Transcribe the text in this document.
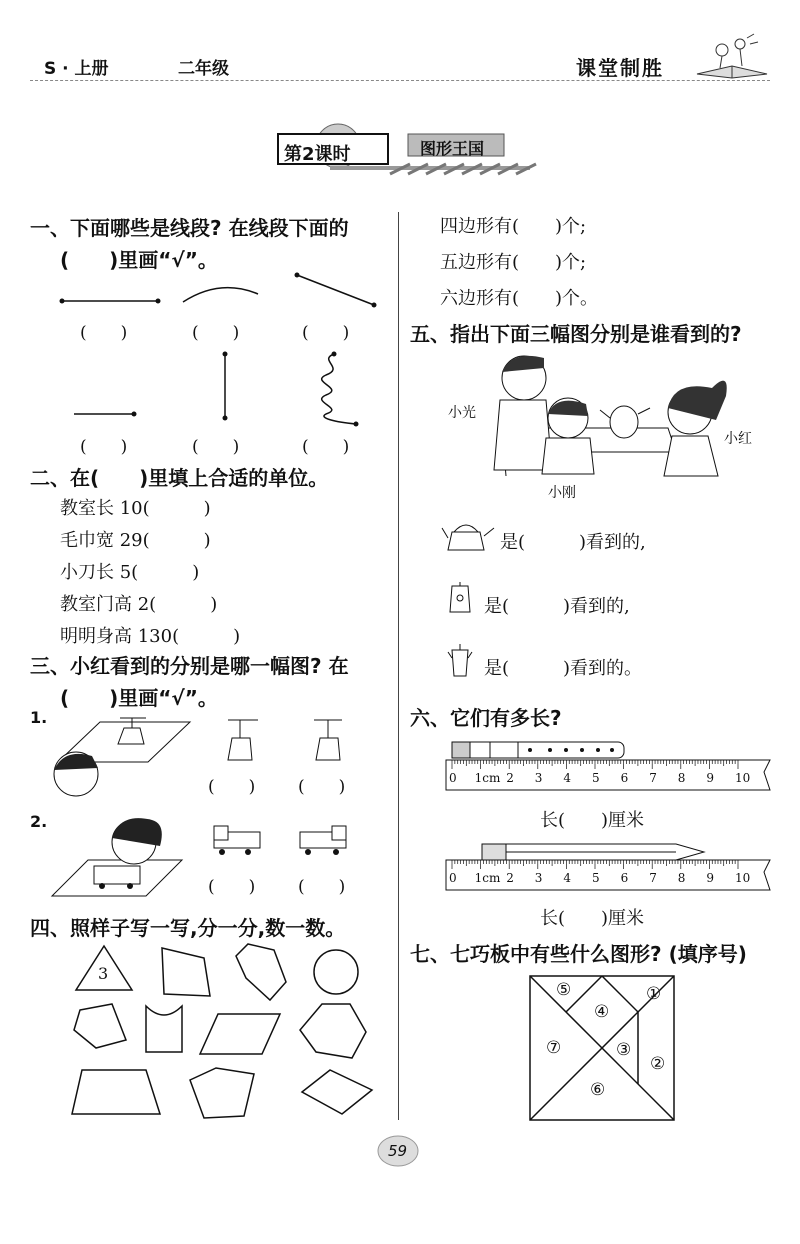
S · 上册	二年级	课堂制胜
第2课时	图形王国
一、下面哪些是线段? 在线段下面的
(　　)里画“√”。
(　　)	(　　)	(　　)
(　　)	(　　)	(　　)
二、在(　　)里填上合适的单位。
教室长 10(　　　)
毛巾宽 29(　　　)
小刀长 5(　　　)
教室门高 2(　　　)
明明身高 130(　　　)
三、小红看到的分别是哪一幅图? 在
(　　)里画“√”。
1.
2.
(　　)	(　　)
(　　)	(　　)
四、照样子写一写,分一分,数一数。
3
四边形有(　　)个;
五边形有(　　)个;
六边形有(　　)个。
五、指出下面三幅图分别是谁看到的?
小光
小红
小刚
是(　　　)看到的,
是(　　　)看到的,
是(　　　)看到的。
六、它们有多长?
0 1cm 2 3 4 5 6 7 8 9 10
0 1cm 2 3 4 5 6 7 8 9 10
长(　　)厘米
长(　　)厘米
七、七巧板中有些什么图形? (填序号)
⑤
④
①
⑦	③
②
⑥
59
